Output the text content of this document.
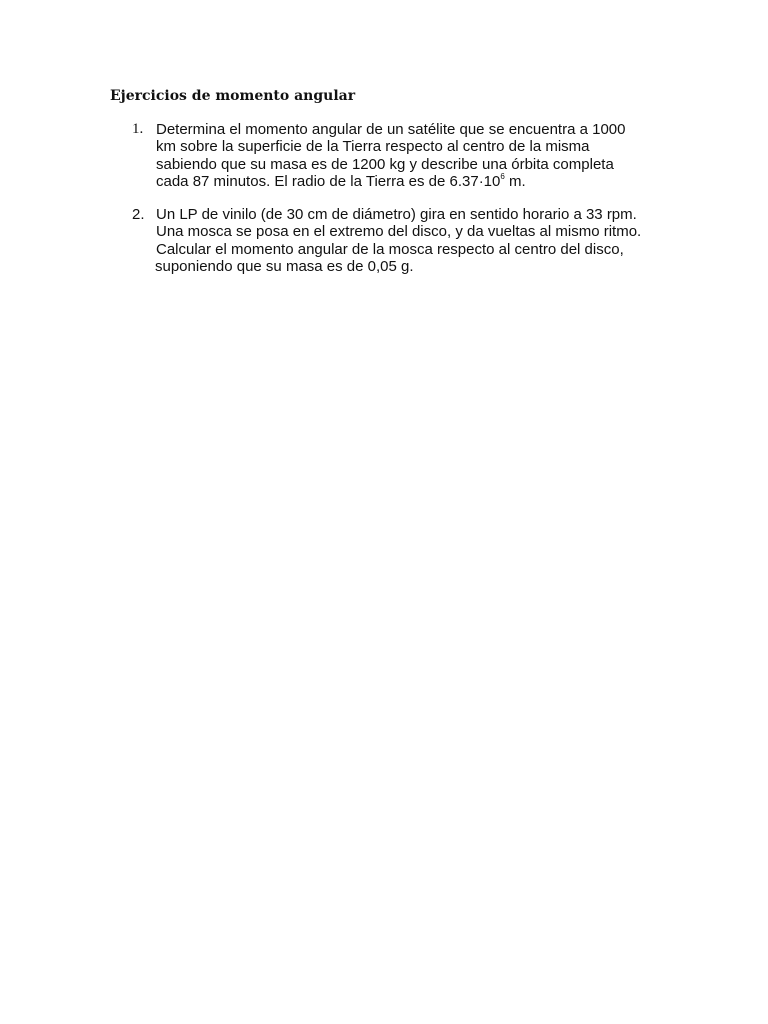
Ejercicios de momento angular
1. Determina el momento angular de un satélite que se encuentra a 1000
km sobre la superficie de la Tierra respecto al centro de la misma
sabiendo que su masa es de 1200 kg y describe una órbita completa
cada 87 minutos. El radio de la Tierra es de $6.37\cdot 10^6$ m.
2. Un LP de vinilo (de 30 cm de diámetro) gira en sentido horario a 33 rpm.
Una mosca se posa en el extremo del disco, y da vueltas al mismo ritmo.
Calcular el momento angular de la mosca respecto al centro del disco,
suponiendo que su masa es de 0,05 g.
